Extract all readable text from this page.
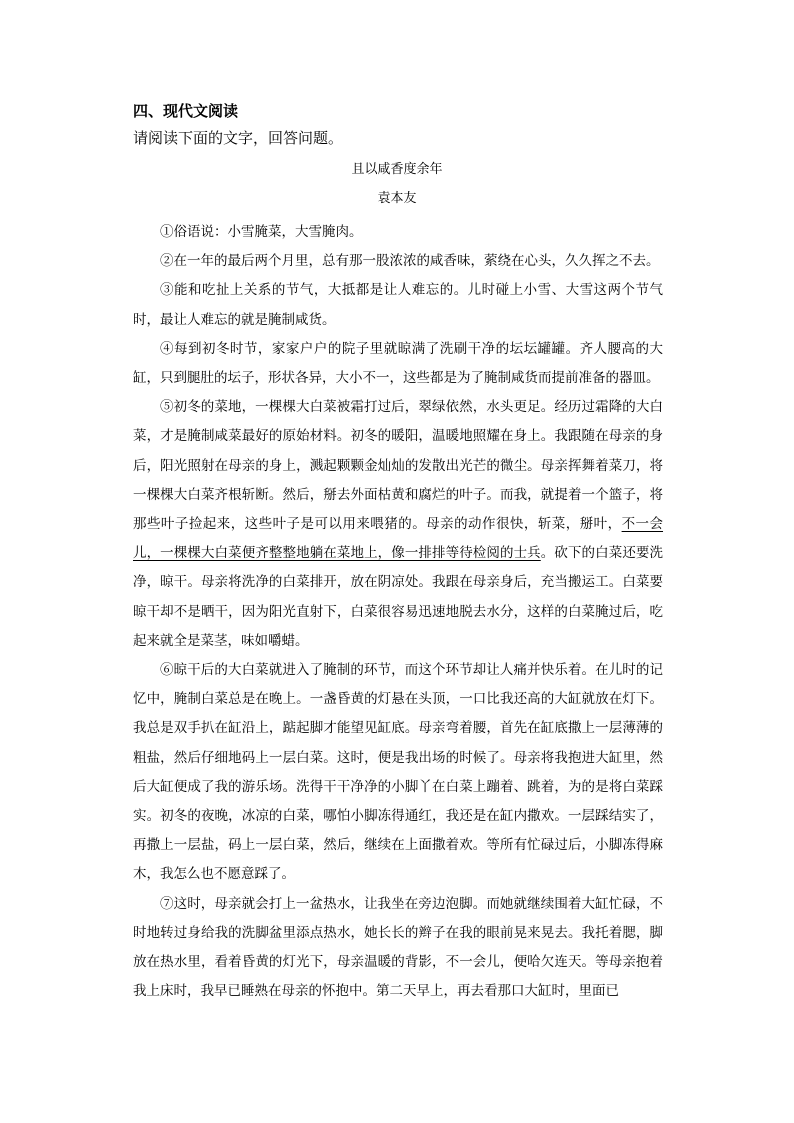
四、现代文阅读
请阅读下面的文字，回答问题。
且以咸香度余年
袁本友

①俗语说：小雪腌菜，大雪腌肉。

②在一年的最后两个月里，总有那一股浓浓的咸香味，萦绕在心头，久久挥之不去。

③能和吃扯上关系的节气，大抵都是让人难忘的。儿时碰上小雪、大雪这两个节气时，最让人难忘的就是腌制咸货。

④每到初冬时节，家家户户的院子里就晾满了洗刷干净的坛坛罐罐。齐人腰高的大缸，只到腿肚的坛子，形状各异，大小不一，这些都是为了腌制咸货而提前准备的器皿。

⑤初冬的菜地，一棵棵大白菜被霜打过后，翠绿依然，水头更足。经历过霜降的大白菜，才是腌制咸菜最好的原始材料。初冬的暖阳，温暖地照耀在身上。我跟随在母亲的身后，阳光照射在母亲的身上，溅起颗颗金灿灿的发散出光芒的微尘。母亲挥舞着菜刀，将一棵棵大白菜齐根斩断。然后，掰去外面枯黄和腐烂的叶子。而我，就提着一个篮子，将那些叶子捡起来，这些叶子是可以用来喂猪的。母亲的动作很快，斩菜，掰叶，不一会儿，一棵棵大白菜便齐整整地躺在菜地上，像一排排等待检阅的士兵。砍下的白菜还要洗净，晾干。母亲将洗净的白菜排开，放在阴凉处。我跟在母亲身后，充当搬运工。白菜要晾干却不是晒干，因为阳光直射下，白菜很容易迅速地脱去水分，这样的白菜腌过后，吃起来就全是菜茎，味如嚼蜡。

⑥晾干后的大白菜就进入了腌制的环节，而这个环节却让人痛并快乐着。在儿时的记忆中，腌制白菜总是在晚上。一盏昏黄的灯悬在头顶，一口比我还高的大缸就放在灯下。我总是双手扒在缸沿上，踮起脚才能望见缸底。母亲弯着腰，首先在缸底撒上一层薄薄的粗盐，然后仔细地码上一层白菜。这时，便是我出场的时候了。母亲将我抱进大缸里，然后大缸便成了我的游乐场。洗得干干净净的小脚丫在白菜上蹦着、跳着，为的是将白菜踩实。初冬的夜晚，冰凉的白菜，哪怕小脚冻得通红，我还是在缸内撒欢。一层踩结实了，再撒上一层盐，码上一层白菜，然后，继续在上面撒着欢。等所有忙碌过后，小脚冻得麻木，我怎么也不愿意踩了。

⑦这时，母亲就会打上一盆热水，让我坐在旁边泡脚。而她就继续围着大缸忙碌，不时地转过身给我的洗脚盆里添点热水，她长长的辫子在我的眼前晃来晃去。我托着腮，脚放在热水里，看着昏黄的灯光下，母亲温暖的背影，不一会儿，便哈欠连天。等母亲抱着我上床时，我早已睡熟在母亲的怀抱中。第二天早上，再去看那口大缸时，里面已
